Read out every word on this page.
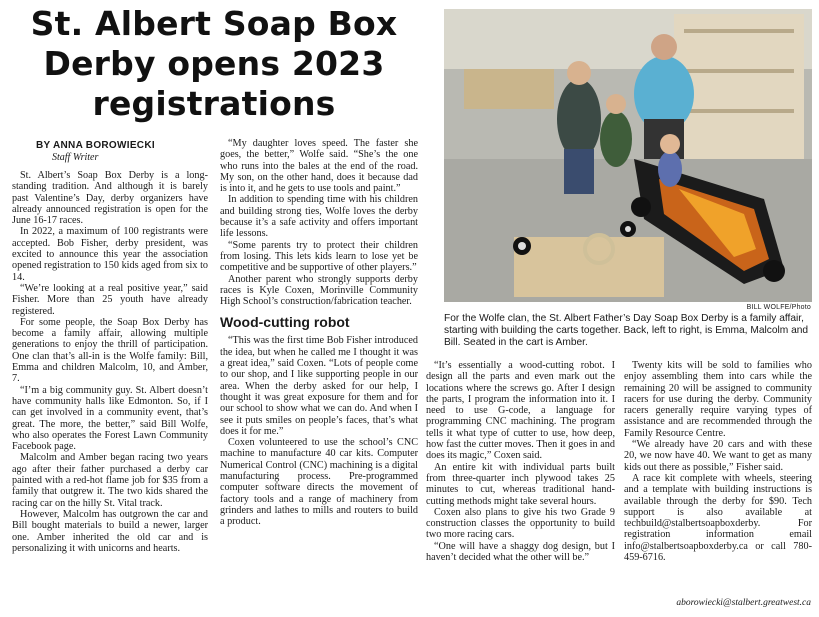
St. Albert Soap Box Derby opens 2023 registrations
BY ANNA BOROWIECKI
Staff Writer

St. Albert’s Soap Box Derby is a long-standing tradition. And although it is barely past Valentine’s Day, derby organizers have already announced registration is open for the June 16-17 races.

In 2022, a maximum of 100 registrants were accepted. Bob Fisher, derby president, was excited to announce this year the association opened registration to 150 kids aged from six to 14.

“We’re looking at a real positive year,” said Fisher. More than 25 youth have already registered.

For some people, the Soap Box Derby has become a family affair, allowing multiple generations to enjoy the thrill of participation. One clan that’s all-in is the Wolfe family: Bill, Emma and children Malcolm, 10, and Amber, 7.

“I’m a big community guy. St. Albert doesn’t have community halls like Edmonton. So, if I can get involved in a community event, that’s great. The more, the better,” said Bill Wolfe, who also operates the Forest Lawn Community Facebook page.

Malcolm and Amber began racing two years ago after their father purchased a derby car painted with a red-hot flame job for $35 from a family that outgrew it. The two kids shared the racing car on the hilly St. Vital track.

However, Malcolm has outgrown the car and Bill bought materials to build a newer, larger one. Amber inherited the old car and is personalizing it with unicorns and hearts.

“My daughter loves speed. The faster she goes, the better,” Wolfe said. “She’s the one who runs into the bales at the end of the road. My son, on the other hand, does it because dad is into it, and he gets to use tools and paint.”

In addition to spending time with his children and building strong ties, Wolfe loves the derby because it’s a safe activity and offers important life lessons.

“Some parents try to protect their children from losing. This lets kids learn to lose yet be competitive and be supportive of other players.”

Another parent who strongly supports derby races is Kyle Coxen, Morinville Community High School’s construction/fabrication teacher.

Wood-cutting robot

“This was the first time Bob Fisher introduced the idea, but when he called me I thought it was a great idea,” said Coxen. “Lots of people come to our shop, and I like supporting people in our area. When the derby asked for our help, I thought it was great exposure for them and for our school to show what we can do. And when I see it puts smiles on people’s faces, that’s what does it for me.”

Coxen volunteered to use the school’s CNC machine to manufacture 40 car kits. Computer Numerical Control (CNC) machining is a digital manufacturing process. Pre-programmed computer software directs the movement of factory tools and a range of machinery from grinders and lathes to mills and routers to build a product.

BILL WOLFE/Photo
For the Wolfe clan, the St. Albert Father’s Day Soap Box Derby is a family affair, starting with building the carts together. Back, left to right, is Emma, Malcolm and Bill. Seated in the cart is Amber.

“It’s essentially a wood-cutting robot. I design all the parts and even mark out the locations where the screws go. After I design the parts, I program the information into it. I need to use G-code, a language for programming CNC machining. The program tells it what type of cutter to use, how deep, how fast the cutter moves. Then it goes in and does its magic,” Coxen said.

An entire kit with individual parts built from three-quarter inch plywood takes 25 minutes to cut, whereas traditional hand-cutting methods might take several hours.

Coxen also plans to give his two Grade 9 construction classes the opportunity to build two more racing cars.

“One will have a shaggy dog design, but I haven’t decided what the other will be.”

Twenty kits will be sold to families who enjoy assembling them into cars while the remaining 20 will be assigned to community racers for use during the derby. Community racers generally require varying types of assistance and are recommended through the Family Resource Centre.

“We already have 20 cars and with these 20, we now have 40. We want to get as many kids out there as possible,” Fisher said.

A race kit complete with wheels, steering and a template with building instructions is available through the derby for $90. Tech support is also available at techbuild@stalbertsoapboxderby. For registration information email info@stalbertsoapboxderby.ca or call 780-459-6716.

aborowiecki@stalbert.greatwest.ca
